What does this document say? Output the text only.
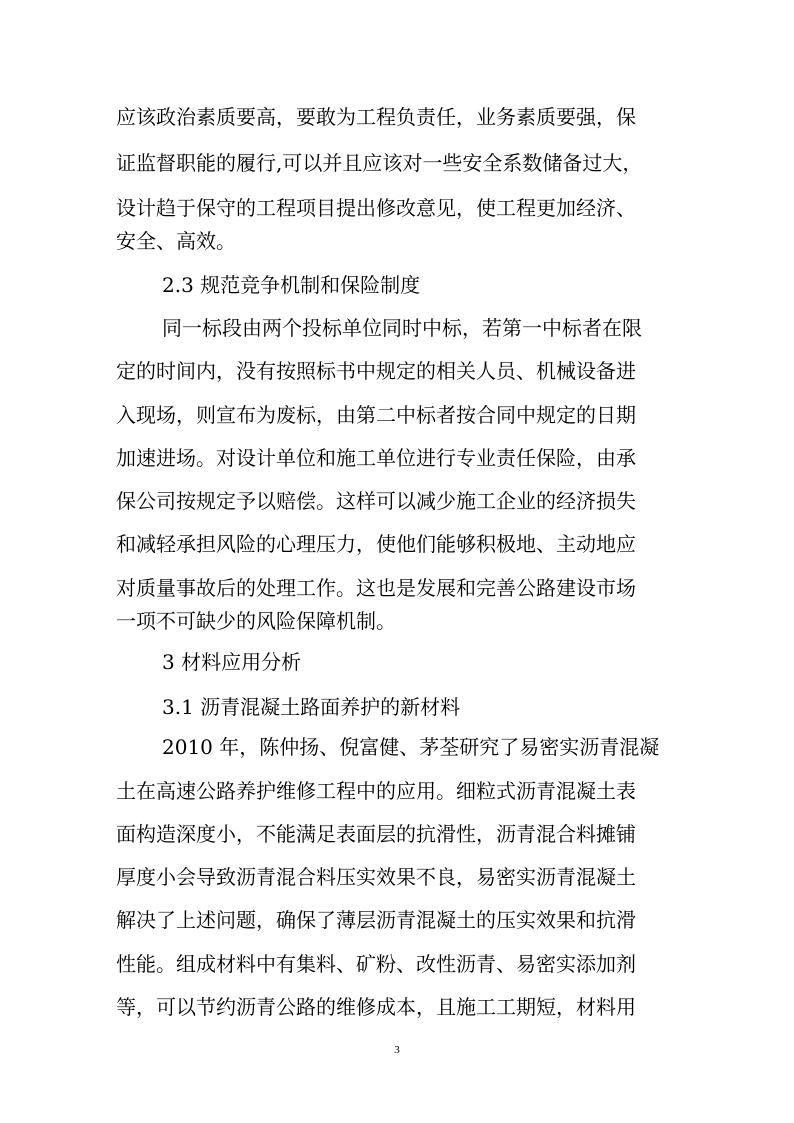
应该政治素质要高，要敢为工程负责任，业务素质要强，保
证监督职能的履行,可以并且应该对一些安全系数储备过大，
设计趋于保守的工程项目提出修改意见，使工程更加经济、
安全、高效。
2.3 规范竞争机制和保险制度
同一标段由两个投标单位同时中标，若第一中标者在限
定的时间内，没有按照标书中规定的相关人员、机械设备进
入现场，则宣布为废标，由第二中标者按合同中规定的日期
加速进场。对设计单位和施工单位进行专业责任保险，由承
保公司按规定予以赔偿。这样可以减少施工企业的经济损失
和减轻承担风险的心理压力，使他们能够积极地、主动地应
对质量事故后的处理工作。这也是发展和完善公路建设市场
一项不可缺少的风险保障机制。
3 材料应用分析
3.1 沥青混凝土路面养护的新材料
2010 年，陈仲扬、倪富健、茅荃研究了易密实沥青混凝
土在高速公路养护维修工程中的应用。细粒式沥青混凝土表
面构造深度小，不能满足表面层的抗滑性，沥青混合料摊铺
厚度小会导致沥青混合料压实效果不良，易密实沥青混凝土
解决了上述问题，确保了薄层沥青混凝土的压实效果和抗滑
性能。组成材料中有集料、矿粉、改性沥青、易密实添加剂
等，可以节约沥青公路的维修成本，且施工工期短，材料用
3
